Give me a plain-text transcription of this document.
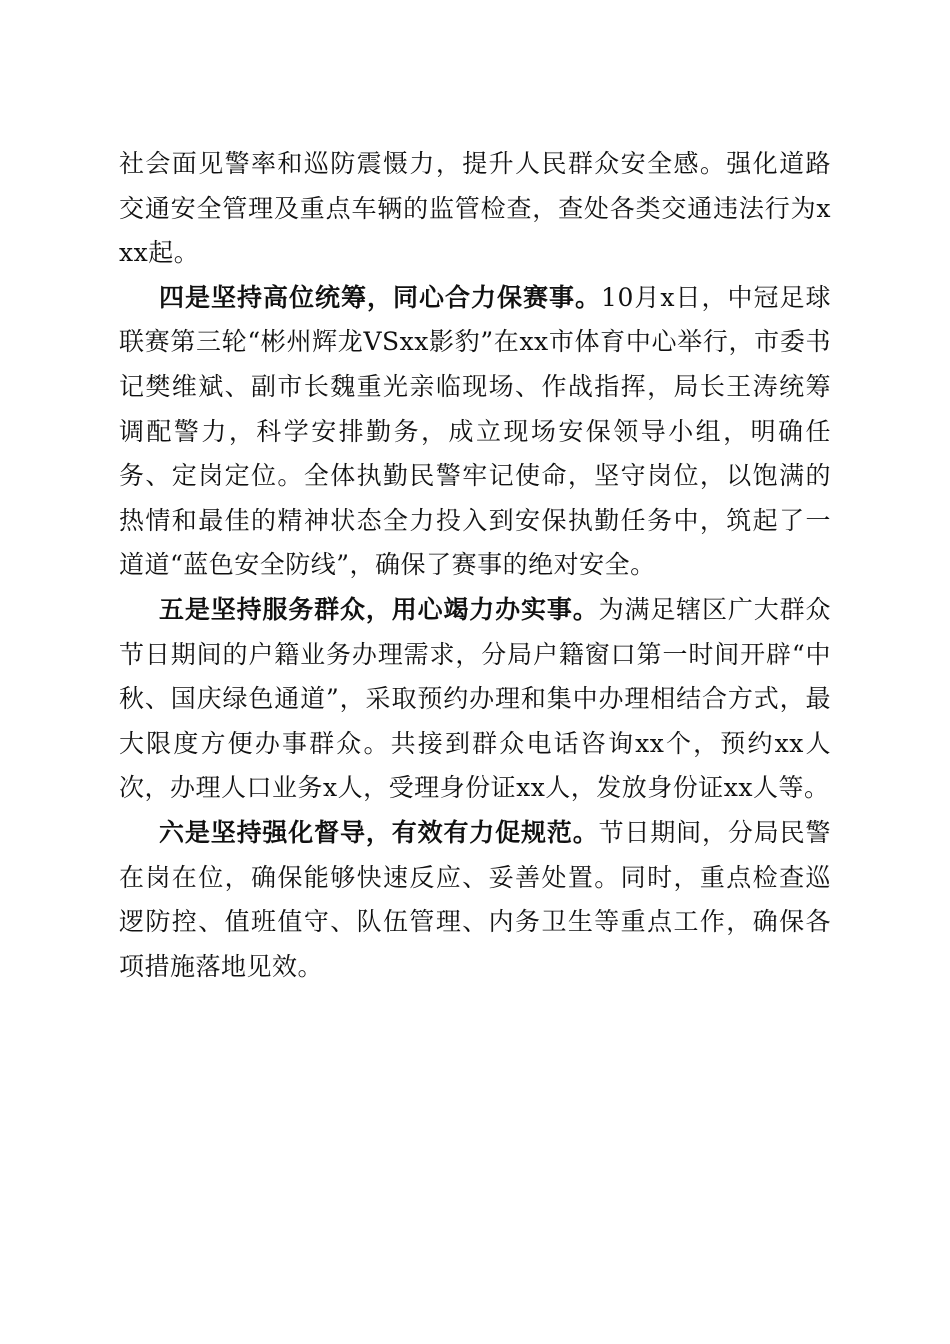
社会面见警率和巡防震慑力，提升人民群众安全感。强化道路交通安全管理及重点车辆的监管检查，查处各类交通违法行为xxx起。

四是坚持高位统筹，同心合力保赛事。10月x日，中冠足球联赛第三轮“彬州辉龙VSxx影豹”在xx市体育中心举行，市委书记樊维斌、副市长魏重光亲临现场、作战指挥，局长王涛统筹调配警力，科学安排勤务，成立现场安保领导小组，明确任务、定岗定位。全体执勤民警牢记使命，坚守岗位，以饱满的热情和最佳的精神状态全力投入到安保执勤任务中，筑起了一道道“蓝色安全防线”，确保了赛事的绝对安全。

五是坚持服务群众，用心竭力办实事。为满足辖区广大群众节日期间的户籍业务办理需求，分局户籍窗口第一时间开辟“中秋、国庆绿色通道”，采取预约办理和集中办理相结合方式，最大限度方便办事群众。共接到群众电话咨询xx个，预约xx人次，办理人口业务x人，受理身份证xx人，发放身份证xx人等。

六是坚持强化督导，有效有力促规范。节日期间，分局民警在岗在位，确保能够快速反应、妥善处置。同时，重点检查巡逻防控、值班值守、队伍管理、内务卫生等重点工作，确保各项措施落地见效。
